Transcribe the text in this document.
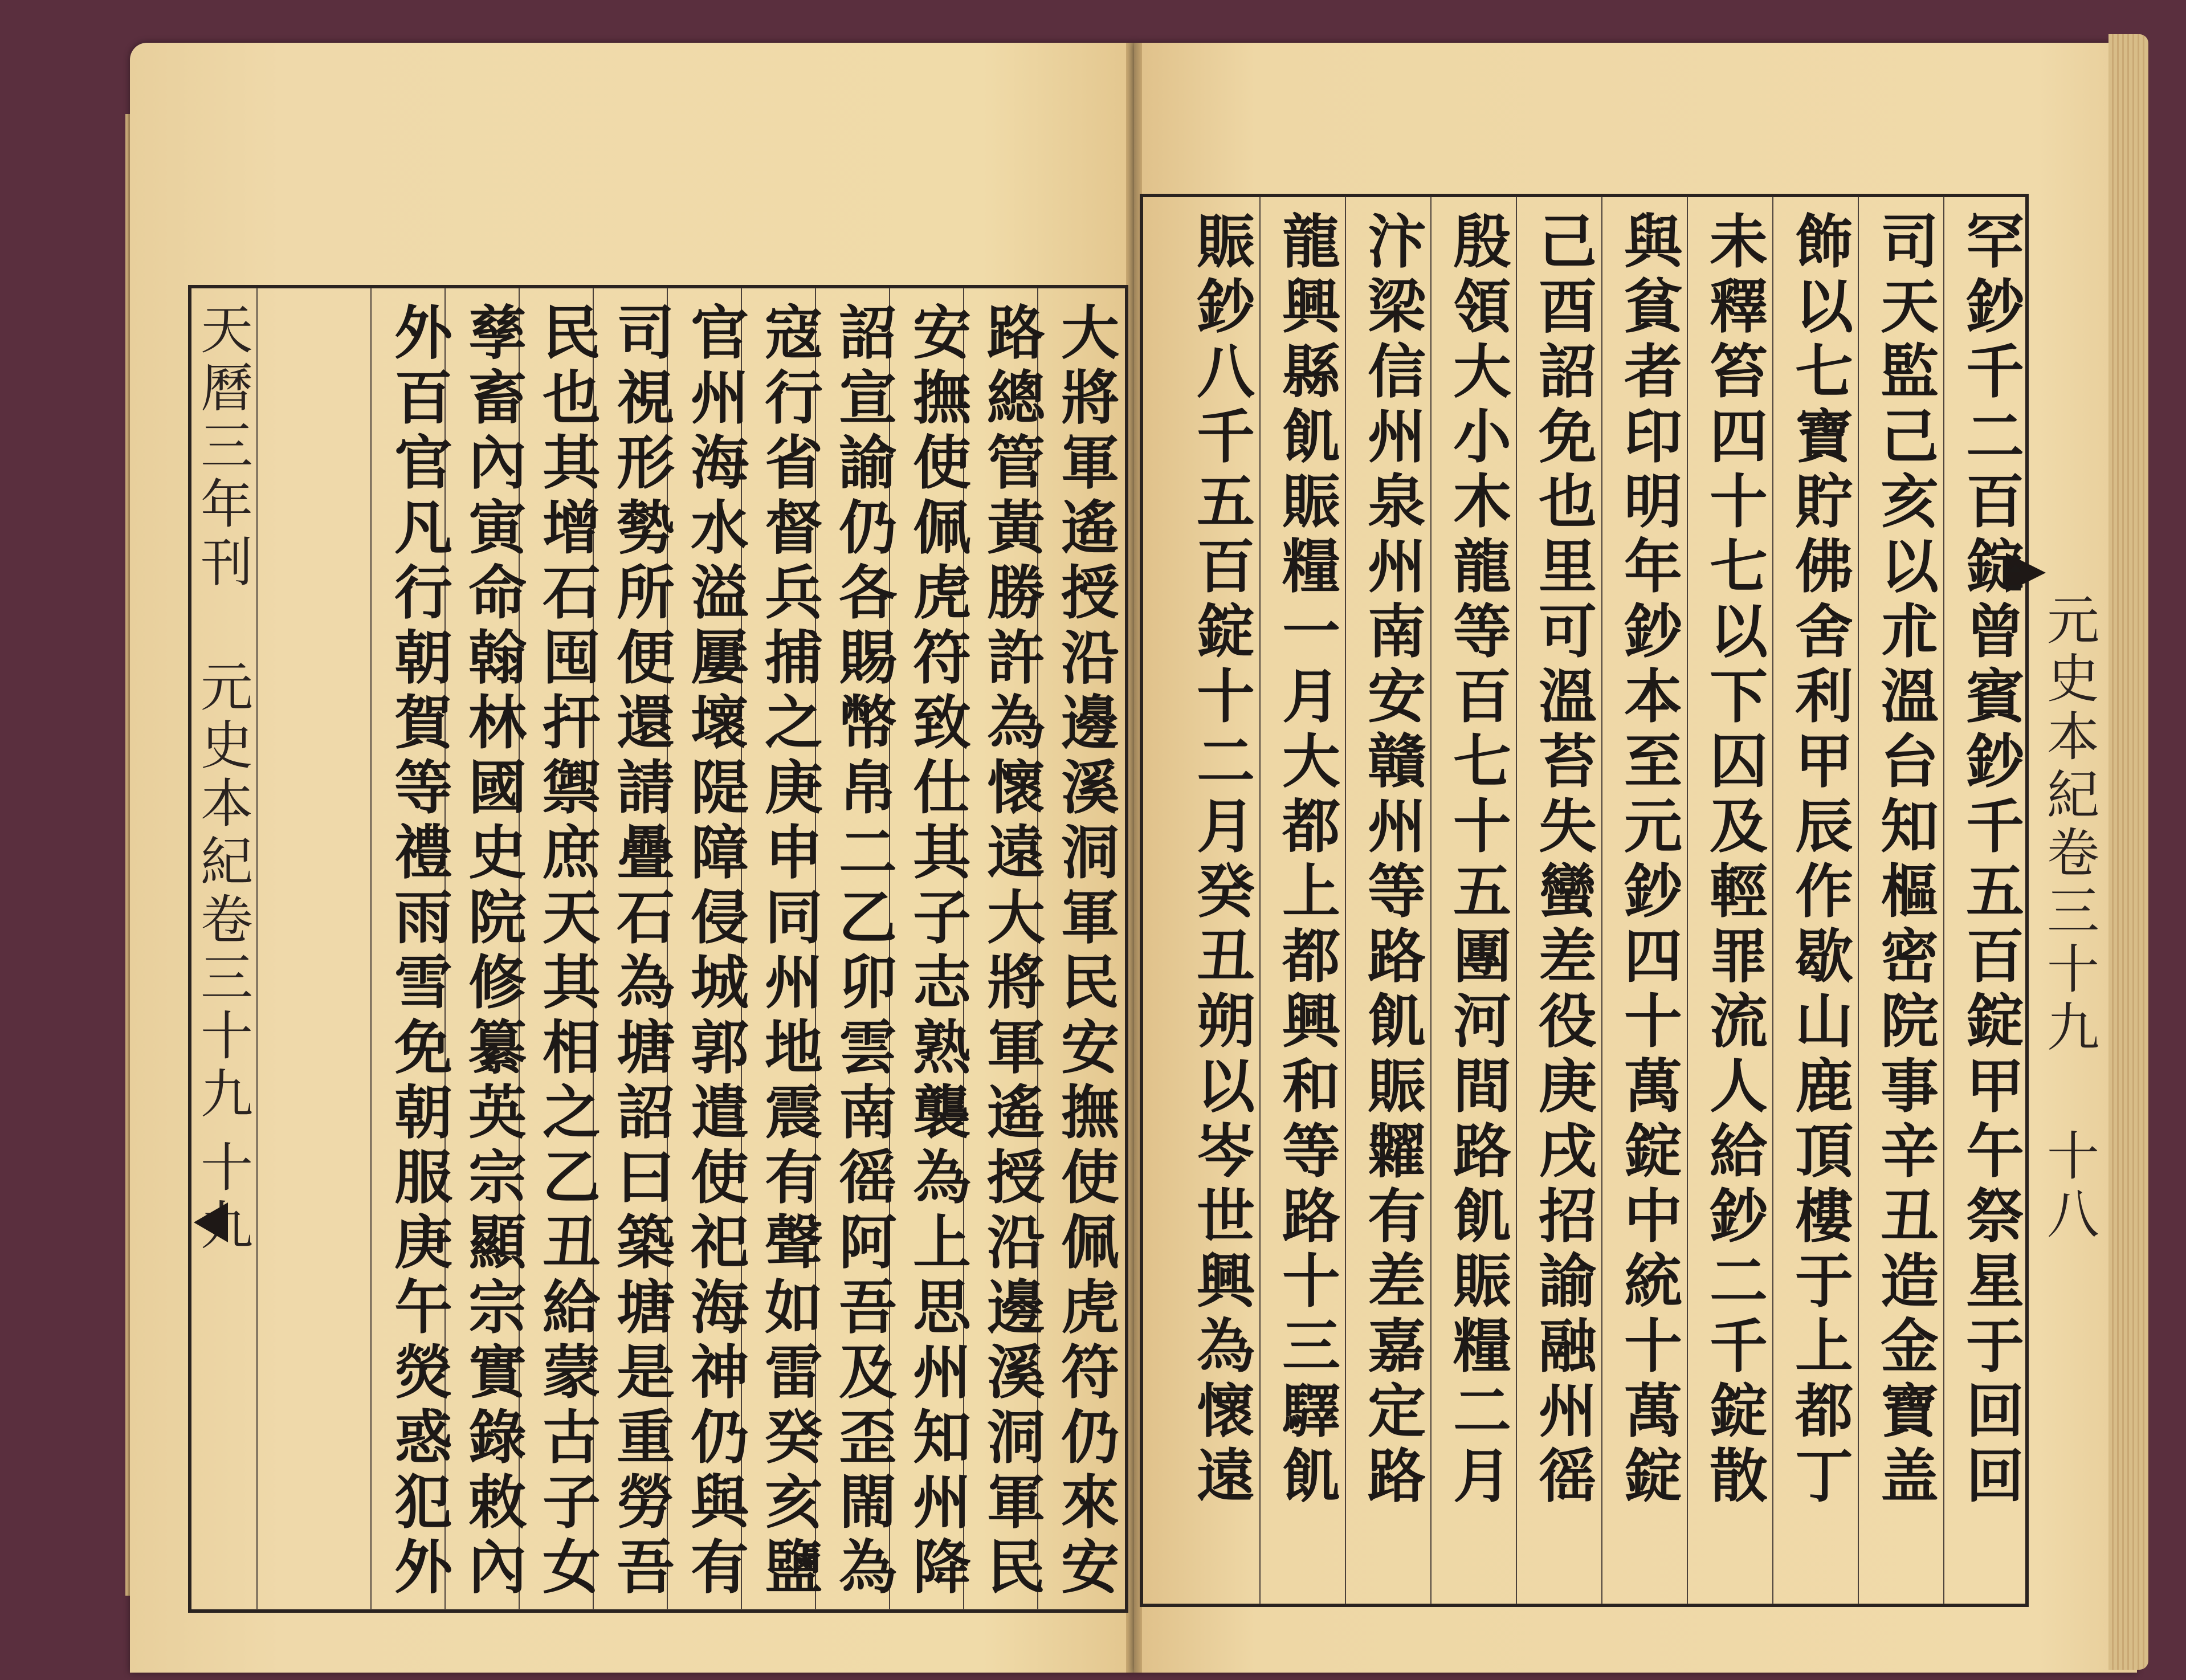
天曆三年刊 元史本紀卷三十九
十九	大將軍遙授沿邊溪洞軍民安撫使佩虎符仍來安
路總管黃勝許為懷遠大將軍遙授沿邊溪洞軍民
安撫使佩虎符致仕其子志熟襲為上思州知州降
詔宣諭仍各賜幣帛二乙卯雲南徭阿吾及歪閙為
寇行省督兵捕之庚申同州地震有聲如雷癸亥鹽
官州海水溢屢壞隄障侵城郭遣使祀海神仍與有
司視形勢所便還請疊石為塘詔曰築塘是重勞吾
民也其增石囤扞禦庶天其相之乙丑給蒙古子女
孳畜內寅命翰林國史院修纂英宗顯宗實錄敕內
外百官凡行朝賀等禮雨雪免朝服庚午熒惑犯外	元史本紀卷三十九
十八
罕鈔千二百錠曾賓鈔千五百錠甲午祭星于回回
司天監己亥以朮溫台知樞密院事辛丑造金寶盖
飾以七寶貯佛舍利甲辰作歇山鹿頂樓于上都丁
未釋笞四十七以下囚及輕罪流人給鈔二千錠散
與貧者印明年鈔本至元鈔四十萬錠中統十萬錠
己酉詔免也里可溫苔失蠻差役庚戌招諭融州徭
殷領大小木龍等百七十五團河間路飢賑糧二月
汴梁信州泉州南安贛州等路飢賑糶有差嘉定路
龍興縣飢賑糧一月大都上都興和等路十三驛飢
賑鈔八千五百錠十二月癸丑朔以岑世興為懷遠
